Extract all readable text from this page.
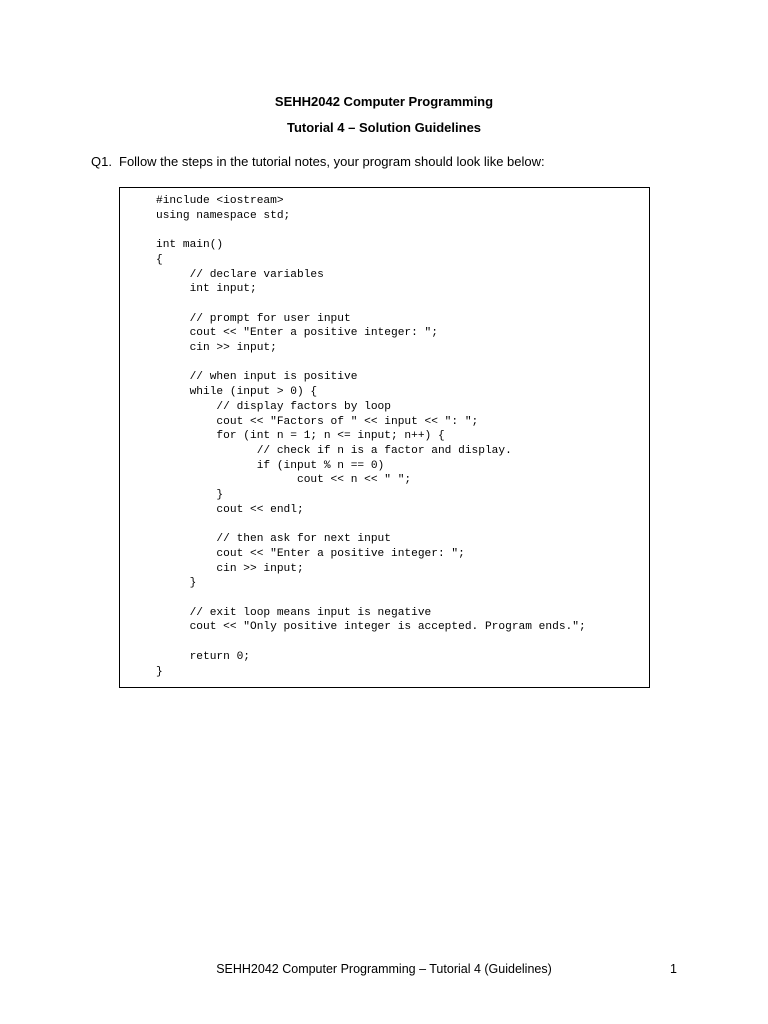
SEHH2042 Computer Programming
Tutorial 4 – Solution Guidelines
Q1. Follow the steps in the tutorial notes, your program should look like below:
#include <iostream>
using namespace std;

int main()
{
// declare variables
int input;

// prompt for user input
cout << "Enter a positive integer: ";
cin >> input;

// when input is positive
while (input > 0) {
// display factors by loop
cout << "Factors of " << input << ": ";
for (int n = 1; n <= input; n++) {
// check if n is a factor and display.
if (input % n == 0)
cout << n << " ";
}
cout << endl;

// then ask for next input
cout << "Enter a positive integer: ";
cin >> input;
}

// exit loop means input is negative
cout << "Only positive integer is accepted. Program ends.";

return 0;
}
SEHH2042 Computer Programming – Tutorial 4 (Guidelines)	1
